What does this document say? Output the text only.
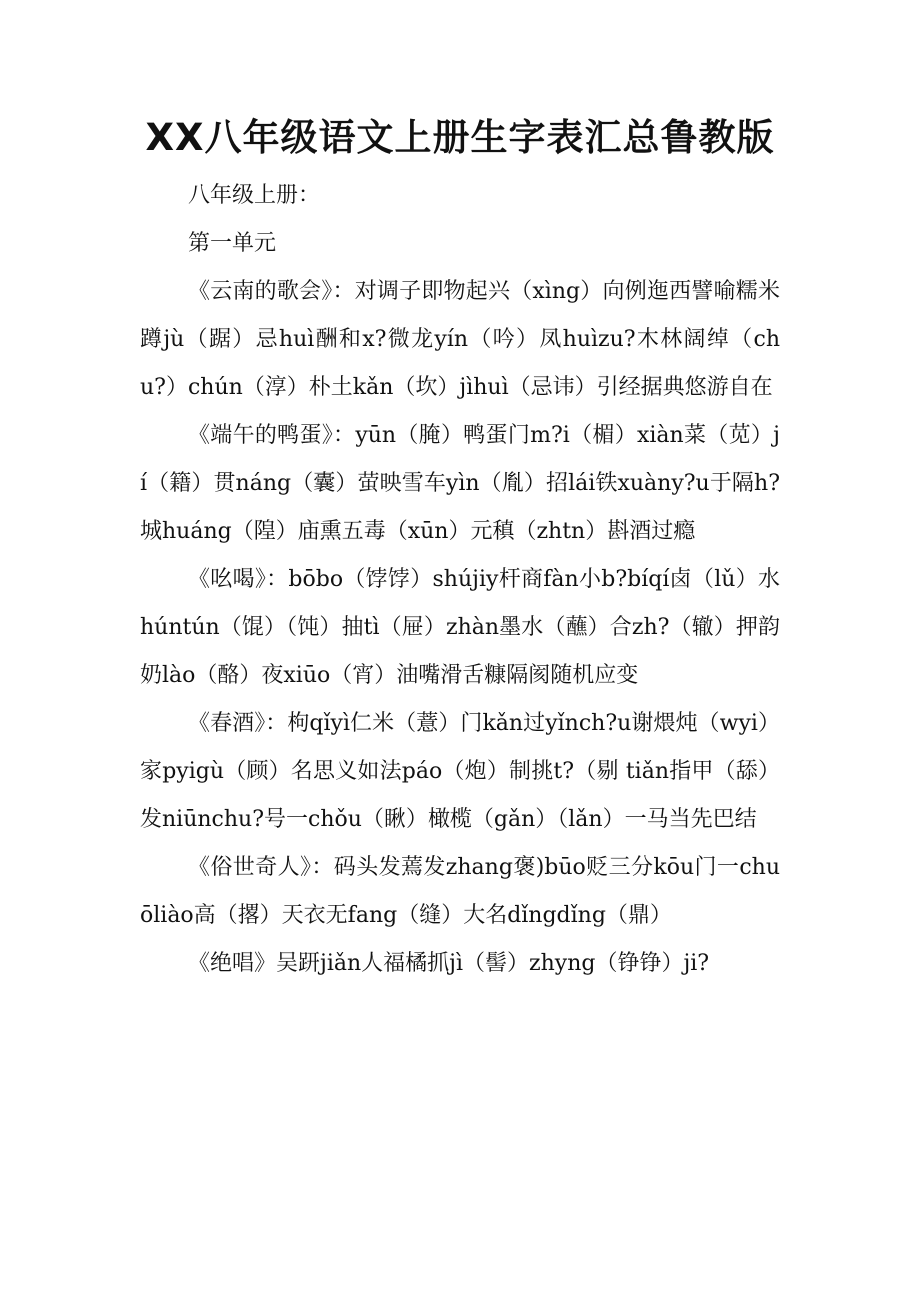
XX八年级语文上册生字表汇总鲁教版

八年级上册：

第一单元

《云南的歌会》：对调子即物起兴（xìng）向例迤西譬喻糯米蹲jù（踞）忌huì酬和x?微龙yín（吟）凤huìzu?木林阔绰（chu?）chún（淳）朴土kǎn（坎）jìhuì（忌讳）引经据典悠游自在

《端午的鸭蛋》：yūn（腌）鸭蛋门m?i（楣）xiàn菜（苋）jí（籍）贯náng（囊）萤映雪车yìn（胤）招lái铁xuàny?u于隔h?城huáng（隍）庙熏五毒（xūn）元稹（zhtn）斟酒过瘾

《吆喝》：bōbo（饽饽）shújiy杆商fàn小b?bíqí卤（lǔ）水húntún（馄）（饨）抽tì（屉）zhàn墨水（蘸）合zh?（辙）押韵奶lào（酪）夜xiūo（宵）油嘴滑舌糠隔阂随机应变

《春酒》：枸qǐyì仁米（薏）门kǎn过yǐnch?u谢煨炖（wyi）家pyigù（顾）名思义如法páo（炮）制挑t?（剔 tiǎn指甲（舔）发niūnchu?号一chǒu（瞅）橄榄（gǎn）（lǎn）一马当先巴结

《俗世奇人》：码头发蔫发zhang褒)būo贬三分kōu门一chuōliào高（撂）天衣无fang（缝）大名dǐngdǐng（鼎）

《绝唱》吴趼jiǎn人福橘抓jì（髻）zhyng（铮铮）ji?
